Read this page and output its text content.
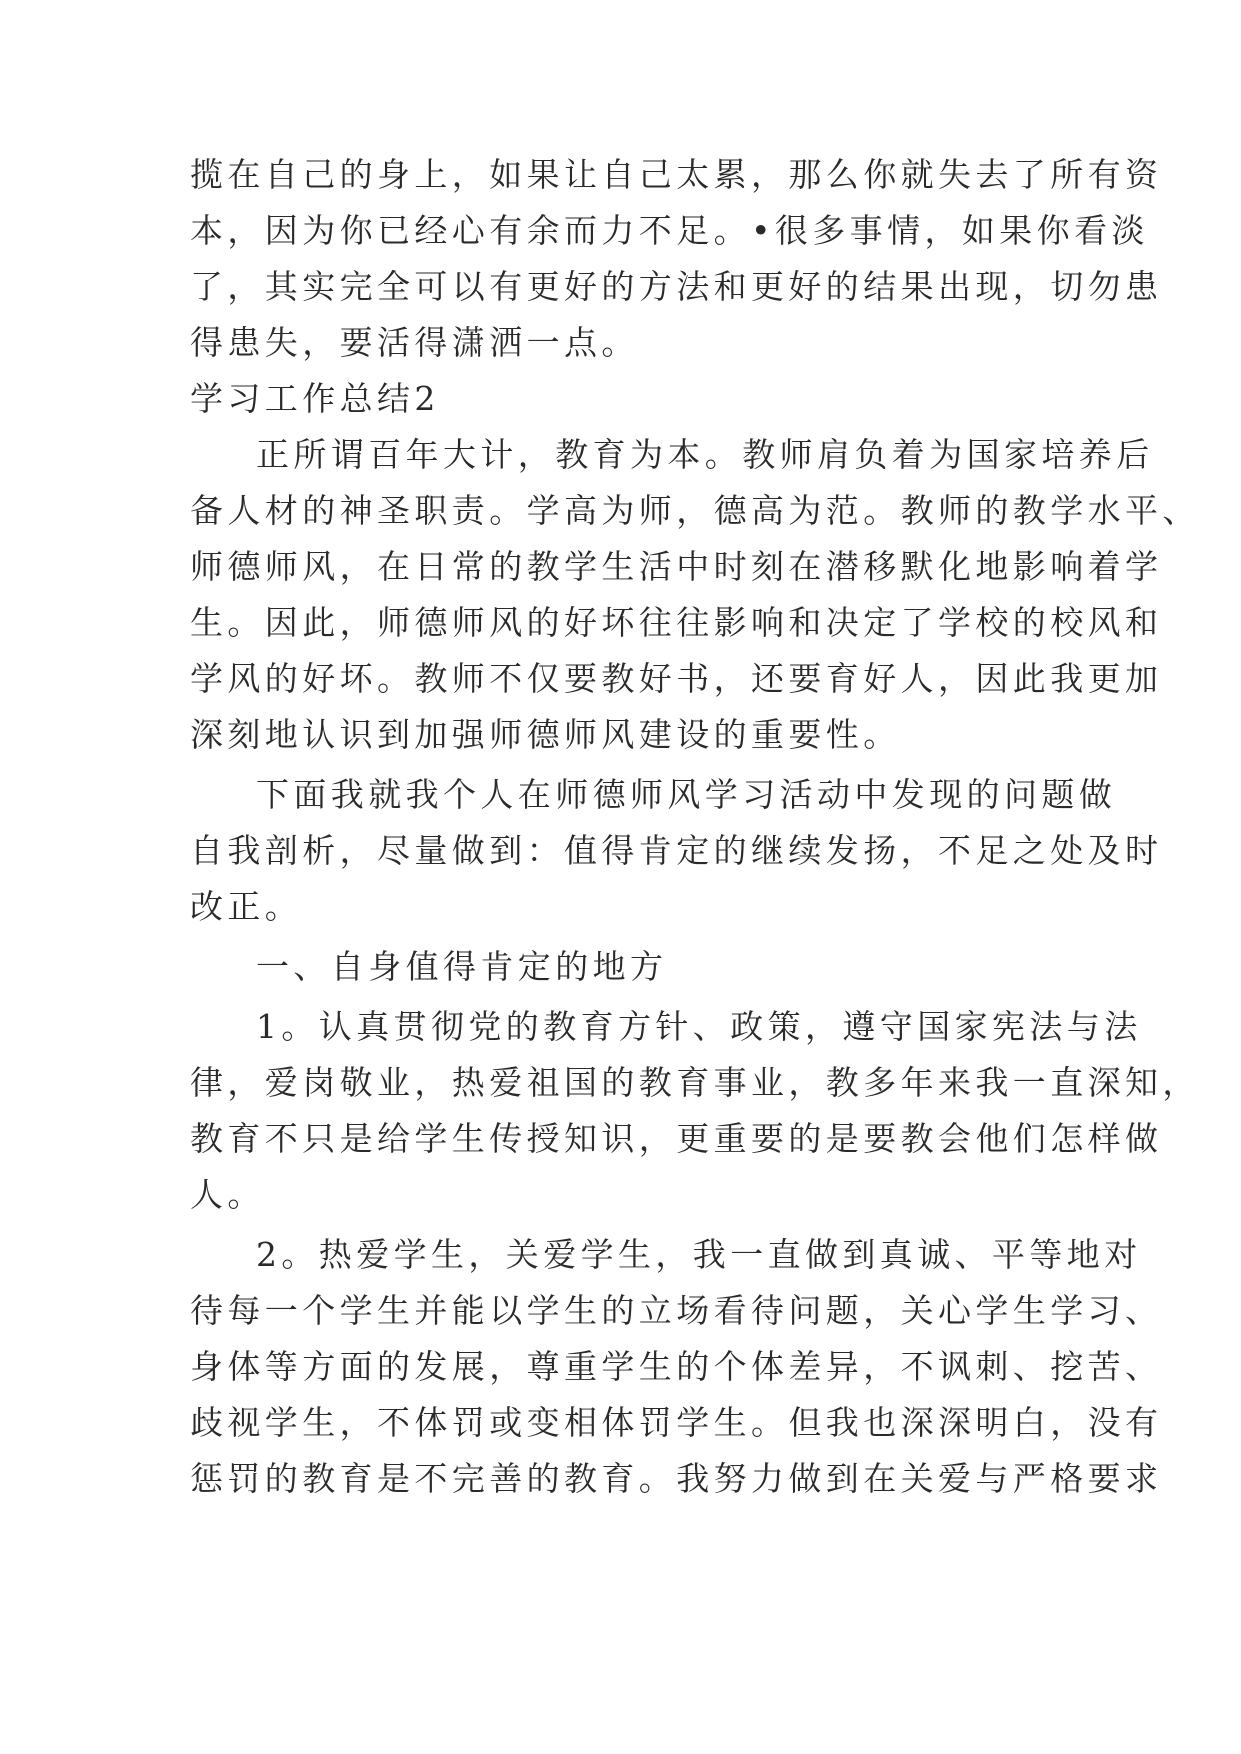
揽在自己的身上，如果让自己太累，那么你就失去了所有资
本，因为你已经心有余而力不足。•很多事情，如果你看淡
了，其实完全可以有更好的方法和更好的结果出现，切勿患
得患失，要活得潇洒一点。
学习工作总结2
正所谓百年大计，教育为本。教师肩负着为国家培养后
备人材的神圣职责。学高为师，德高为范。教师的教学水平、
师德师风，在日常的教学生活中时刻在潜移默化地影响着学
生。因此，师德师风的好坏往往影响和决定了学校的校风和
学风的好坏。教师不仅要教好书，还要育好人，因此我更加
深刻地认识到加强师德师风建设的重要性。
下面我就我个人在师德师风学习活动中发现的问题做
自我剖析，尽量做到：值得肯定的继续发扬，不足之处及时
改正。
一、自身值得肯定的地方
1。认真贯彻党的教育方针、政策，遵守国家宪法与法
律，爱岗敬业，热爱祖国的教育事业，教多年来我一直深知，
教育不只是给学生传授知识，更重要的是要教会他们怎样做
人。
2。热爱学生，关爱学生，我一直做到真诚、平等地对
待每一个学生并能以学生的立场看待问题，关心学生学习、
身体等方面的发展，尊重学生的个体差异，不讽刺、挖苦、
歧视学生，不体罚或变相体罚学生。但我也深深明白，没有
惩罚的教育是不完善的教育。我努力做到在关爱与严格要求
